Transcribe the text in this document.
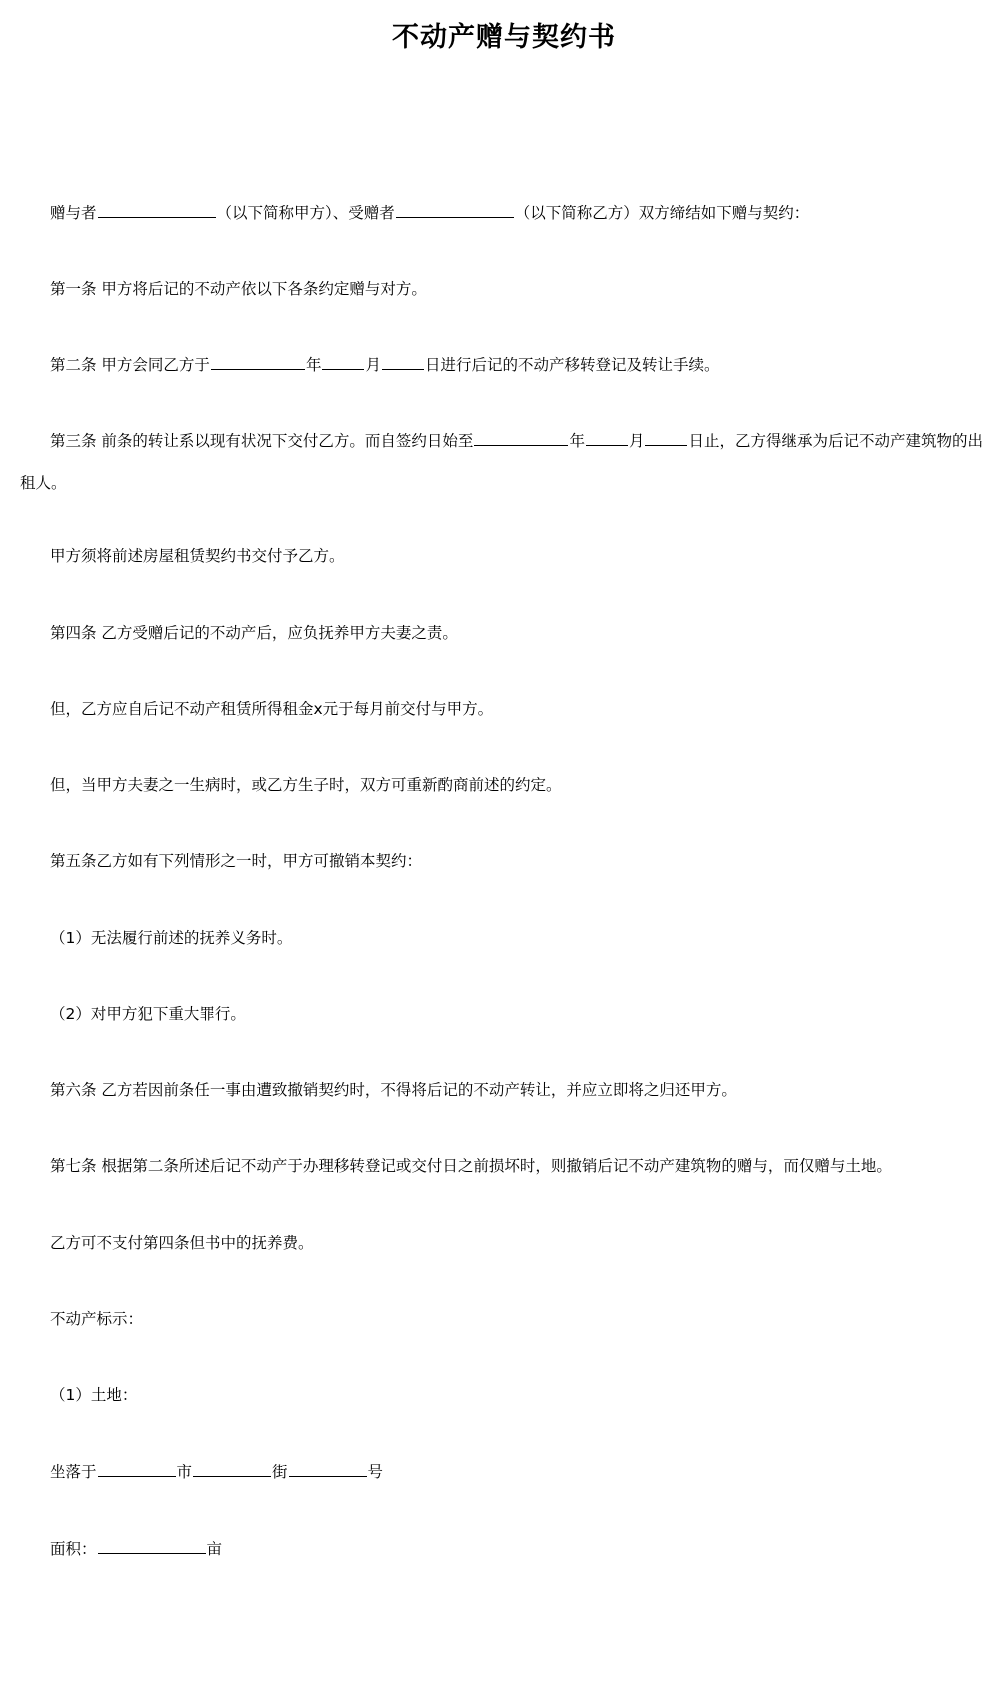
不动产赠与契约书
赠与者	（以下简称甲方）、受赠者	（以下简称乙方）双方缔结如下赠与契约：
第一条 甲方将后记的不动产依以下各条约定赠与对方。
第二条 甲方会同乙方于	年	月	日进行后记的不动产移转登记及转让手续。
第三条 前条的转让系以现有状况下交付乙方。而自签约日始至	年	月	日止，乙方得继承为后记不动产建筑物的出租人。
甲方须将前述房屋租赁契约书交付予乙方。
第四条 乙方受赠后记的不动产后，应负抚养甲方夫妻之责。
但，乙方应自后记不动产租赁所得租金x元于每月前交付与甲方。
但，当甲方夫妻之一生病时，或乙方生子时，双方可重新酌商前述的约定。
第五条乙方如有下列情形之一时，甲方可撤销本契约：
（1）无法履行前述的抚养义务时。
（2）对甲方犯下重大罪行。
第六条 乙方若因前条任一事由遭致撤销契约时，不得将后记的不动产转让，并应立即将之归还甲方。
第七条 根据第二条所述后记不动产于办理移转登记或交付日之前损坏时，则撤销后记不动产建筑物的赠与，而仅赠与土地。
乙方可不支付第四条但书中的抚养费。
不动产标示：
（1）土地：
坐落于	市	街	号
面积：	亩
